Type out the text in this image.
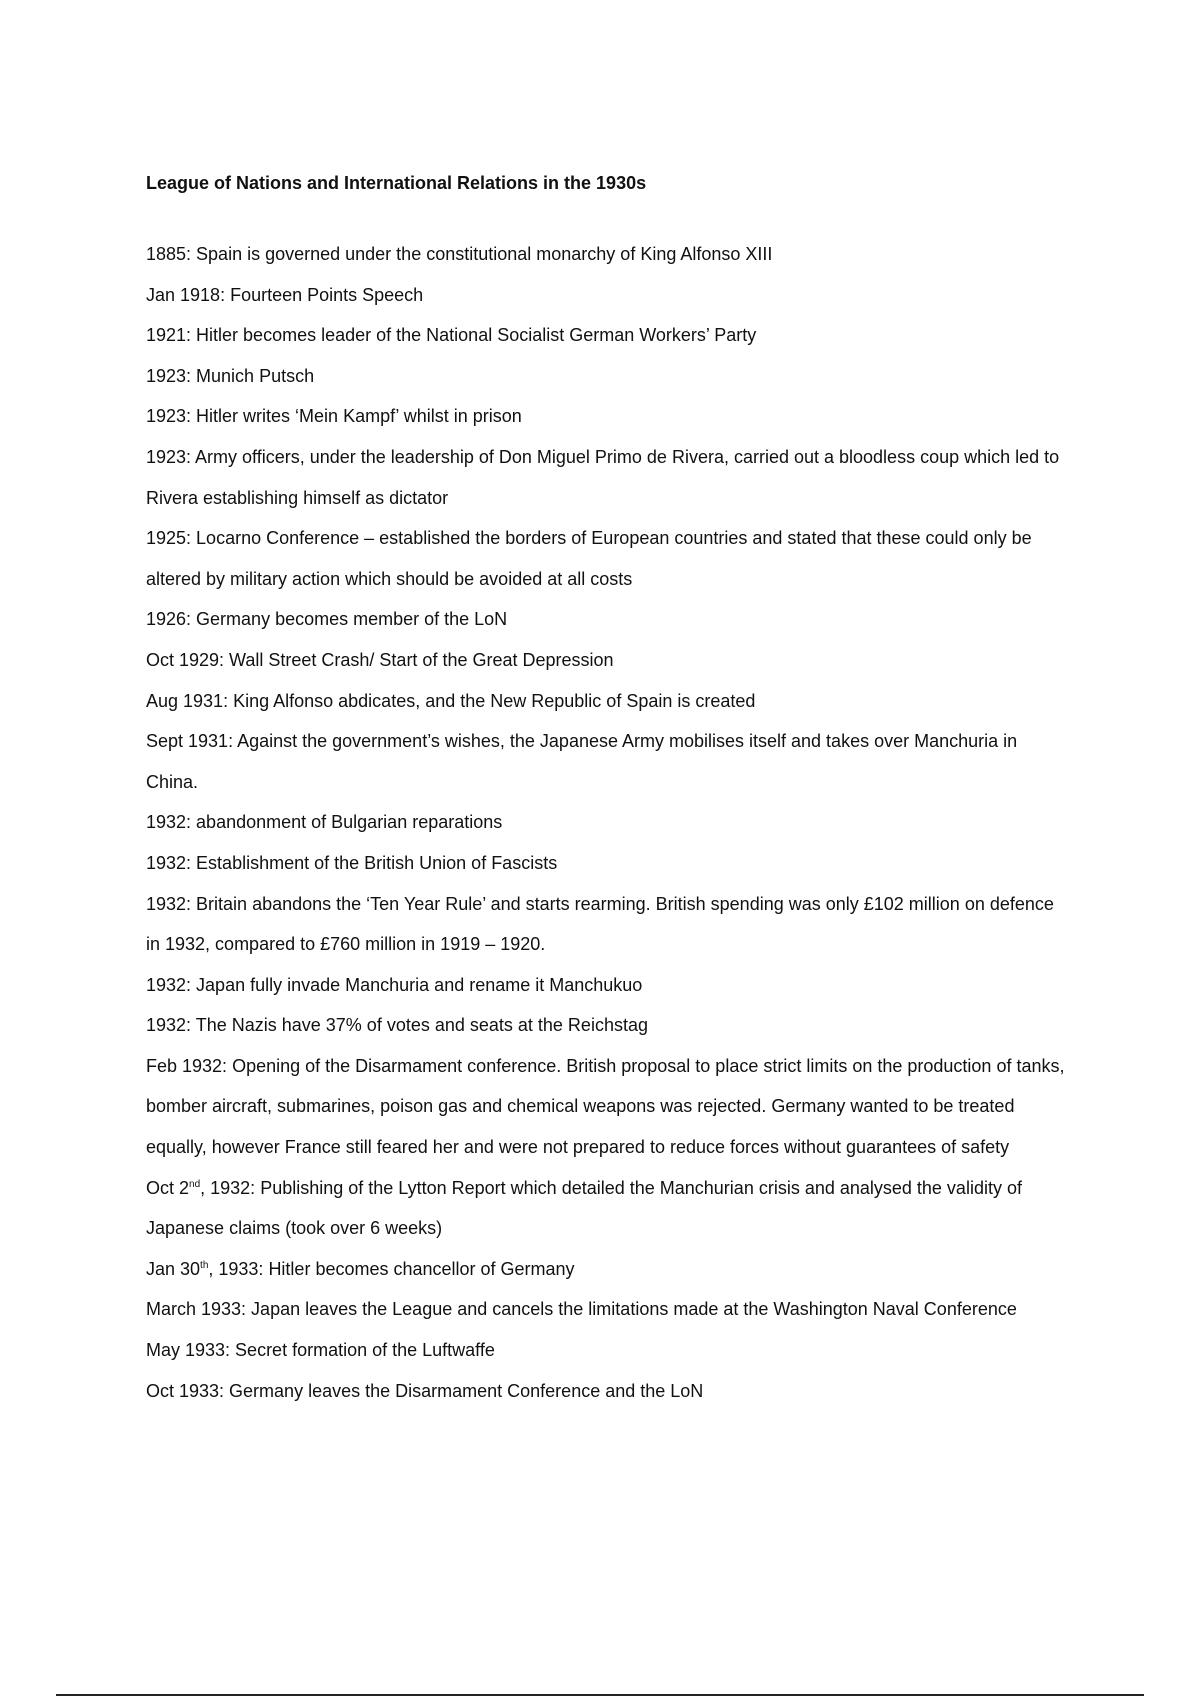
League of Nations and International Relations in the 1930s
1885: Spain is governed under the constitutional monarchy of King Alfonso XIII
Jan 1918: Fourteen Points Speech
1921: Hitler becomes leader of the National Socialist German Workers’ Party
1923: Munich Putsch
1923: Hitler writes ‘Mein Kampf’ whilst in prison
1923: Army officers, under the leadership of Don Miguel Primo de Rivera, carried out a bloodless coup which led to Rivera establishing himself as dictator
1925: Locarno Conference – established the borders of European countries and stated that these could only be altered by military action which should be avoided at all costs
1926: Germany becomes member of the LoN
Oct 1929: Wall Street Crash/ Start of the Great Depression
Aug 1931: King Alfonso abdicates, and the New Republic of Spain is created
Sept 1931: Against the government’s wishes, the Japanese Army mobilises itself and takes over Manchuria in China.
1932: abandonment of Bulgarian reparations
1932: Establishment of the British Union of Fascists
1932: Britain abandons the ‘Ten Year Rule’ and starts rearming. British spending was only £102 million on defence in 1932, compared to £760 million in 1919 – 1920.
1932: Japan fully invade Manchuria and rename it Manchukuo
1932: The Nazis have 37% of votes and seats at the Reichstag
Feb 1932: Opening of the Disarmament conference. British proposal to place strict limits on the production of tanks, bomber aircraft, submarines, poison gas and chemical weapons was rejected. Germany wanted to be treated equally, however France still feared her and were not prepared to reduce forces without guarantees of safety
Oct 2nd, 1932: Publishing of the Lytton Report which detailed the Manchurian crisis and analysed the validity of Japanese claims (took over 6 weeks)
Jan 30th, 1933: Hitler becomes chancellor of Germany
March 1933: Japan leaves the League and cancels the limitations made at the Washington Naval Conference
May 1933: Secret formation of the Luftwaffe
Oct 1933: Germany leaves the Disarmament Conference and the LoN
